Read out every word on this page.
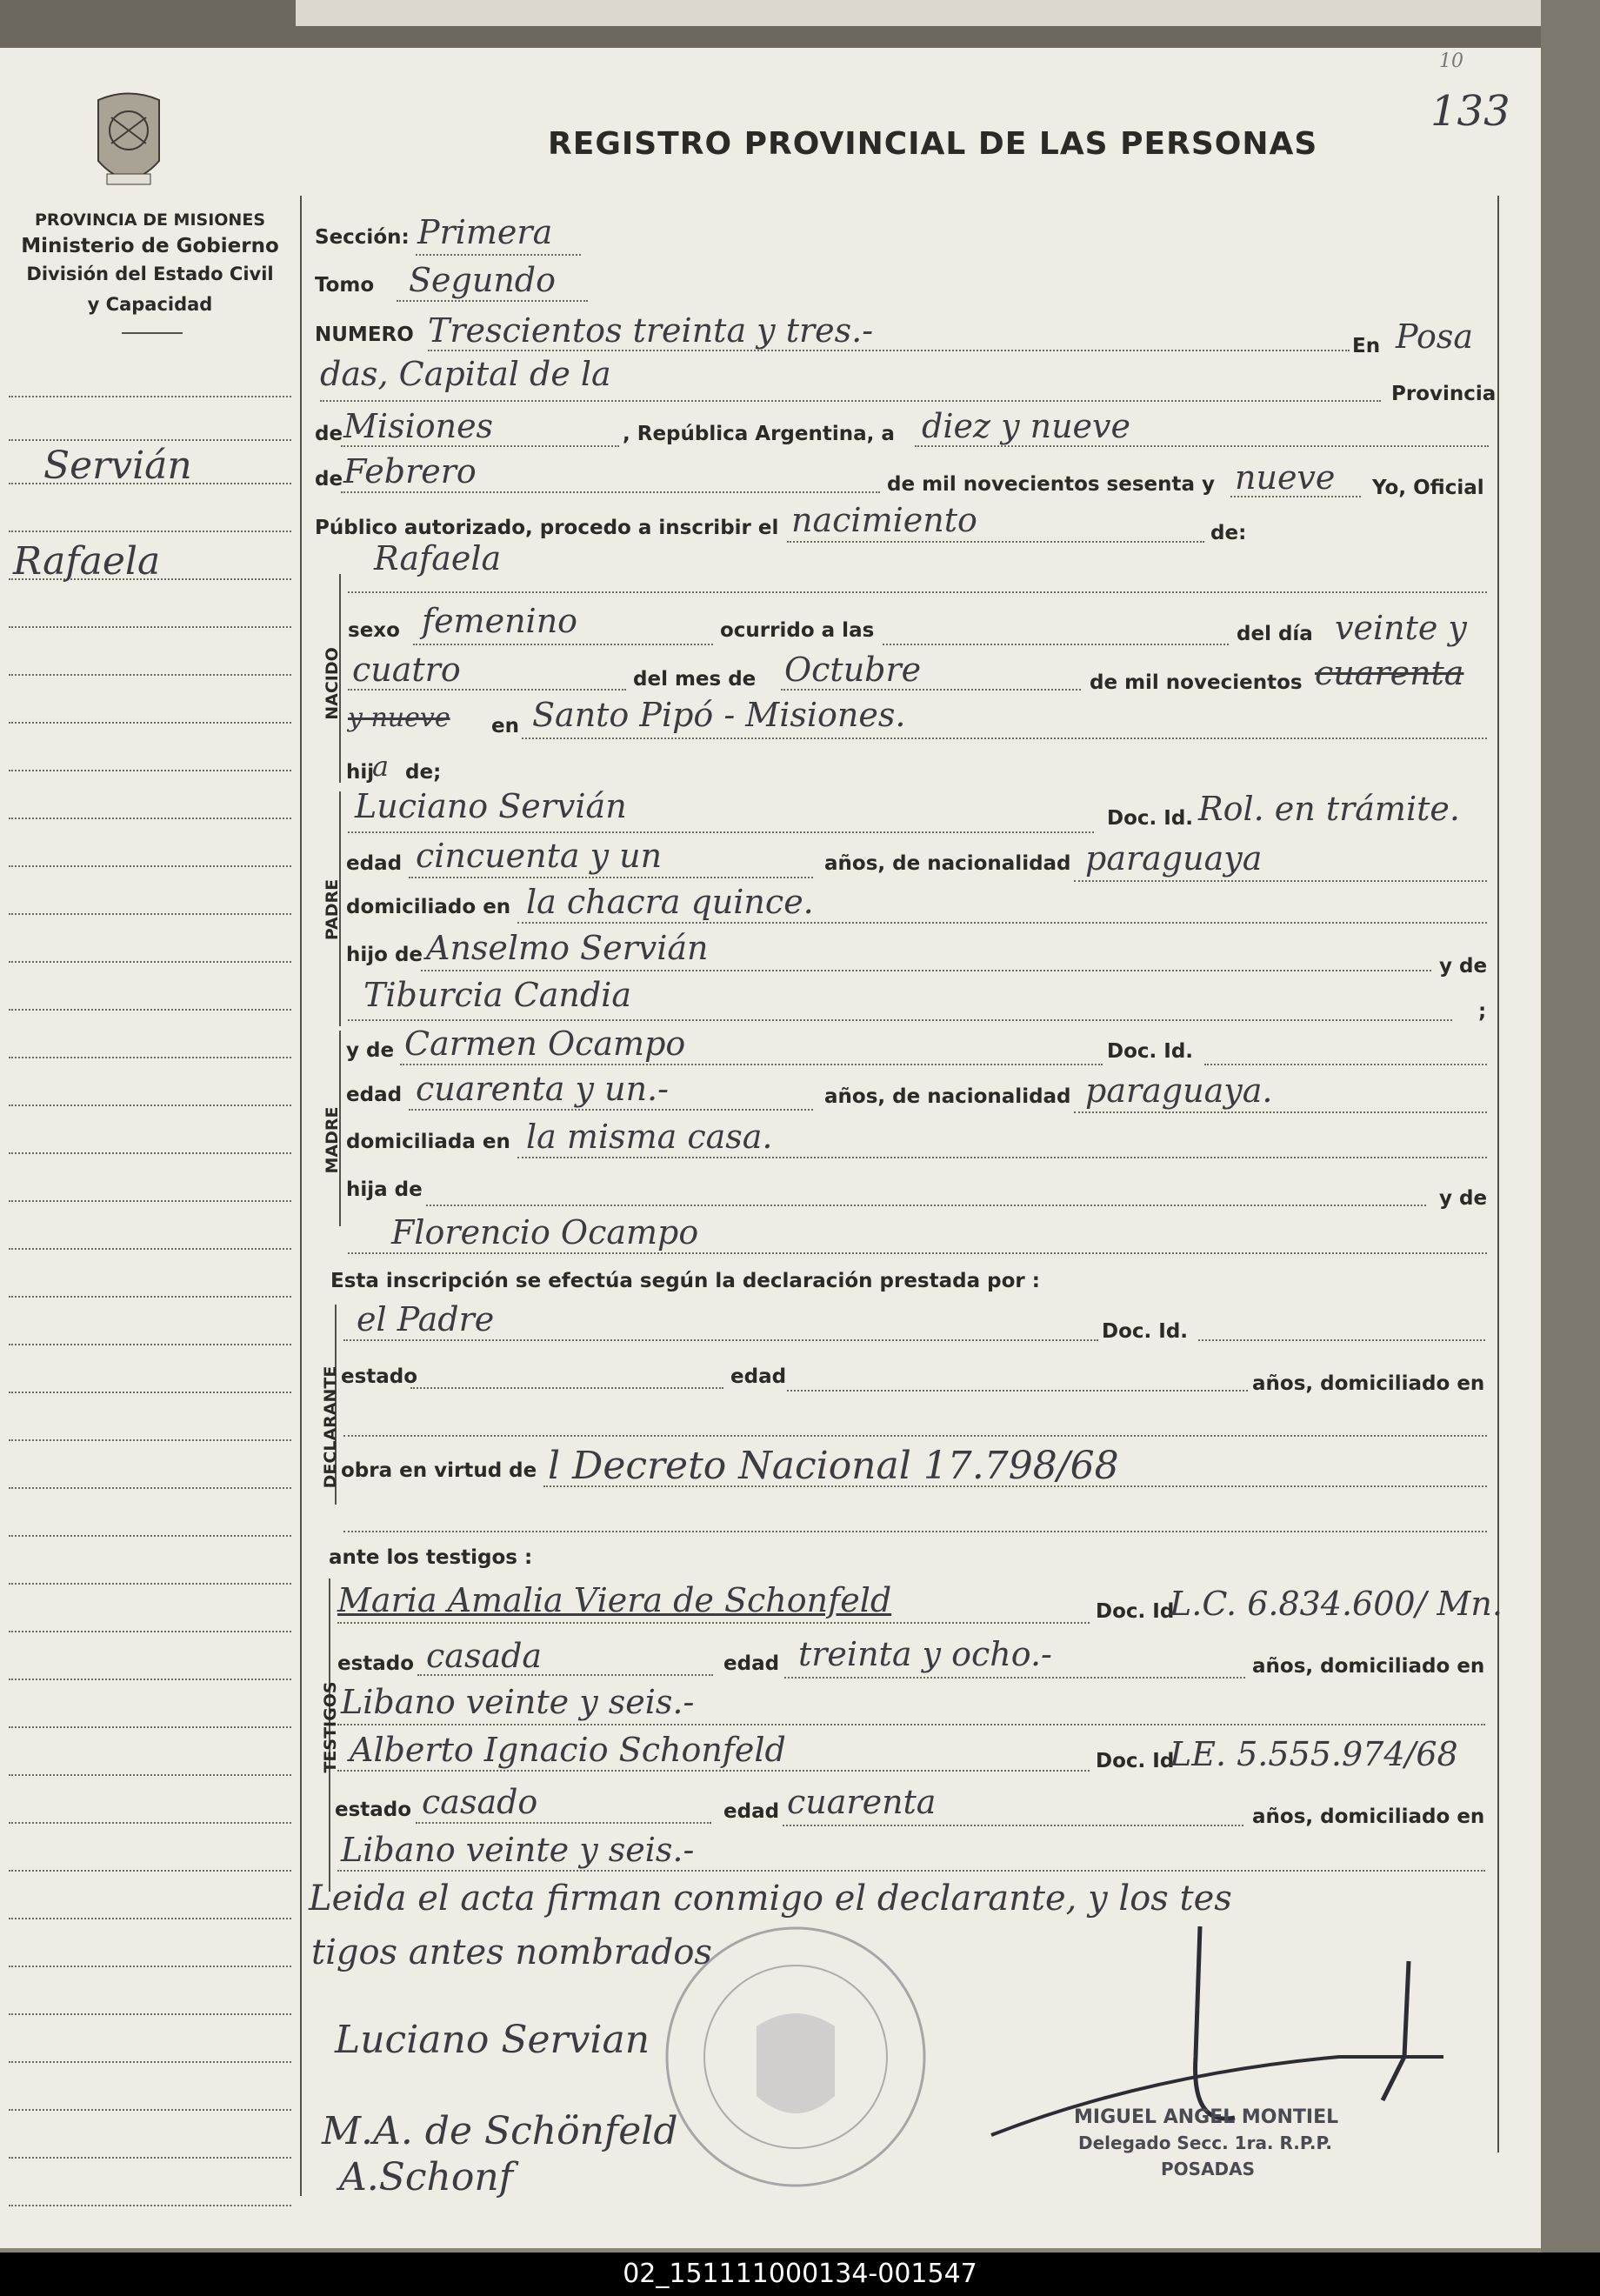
133
10
PROVINCIA DE MISIONES
Ministerio de Gobierno
División del Estado Civil
y Capacidad
REGISTRO PROVINCIAL DE LAS PERSONAS
Servián
Rafaela
Sección: Primera
Tomo Segundo
NUMERO Trescientos treinta y tres.-	En Posa
das, Capital de la
Provincia
de Misiones	, República Argentina, a diez y nueve
de Febrero	de mil novecientos sesenta y nueve Yo, Oficial
Público autorizado, procedo a inscribir el nacimiento	de:
NACIDO
Rafaela
sexo femenino	ocurrido a las	del día veinte y
cuatro	del mes de Octubre	de mil novecientos cuarenta
y nueve en Santo Pipó - Misiones.
hij
a de;
PADRE
Luciano Servián	Doc. Id. Rol. en trámite.
edad cincuenta y un	años, de nacionalidad paraguaya
domiciliado en la chacra quince.
hijo de Anselmo Servián	y de
Tiburcia Candia	;
MADRE
y de Carmen Ocampo	Doc. Id.
edad cuarenta y un.-	años, de nacionalidad paraguaya.
domiciliada en la misma casa.
hija de	y de
Florencio Ocampo
Esta inscripción se efectúa según la declaración prestada por :
DECLARANTE
el Padre	Doc. Id.
estado	edad	años, domiciliado en
obra en virtud de l Decreto Nacional 17.798/68
ante los testigos :
TESTIGOS
Maria Amalia Viera de Schonfeld	Doc. Id
L.C. 6.834.600/ Mn.
estado casada	edad treinta y ocho.-	años, domiciliado en
Libano veinte y seis.-
Alberto Ignacio Schonfeld	Doc. Id
LE. 5.555.974/68
estado casado	edad cuarenta	años, domiciliado en
Libano veinte y seis.-
Leida el acta firman conmigo el declarante, y los tes
tigos antes nombrados
Luciano Servian
M.A. de Schönfeld
A.Schonf
MIGUEL ANGEL MONTIEL
Delegado Secc. 1ra. R.P.P.
POSADAS
02_151111000134-001547
